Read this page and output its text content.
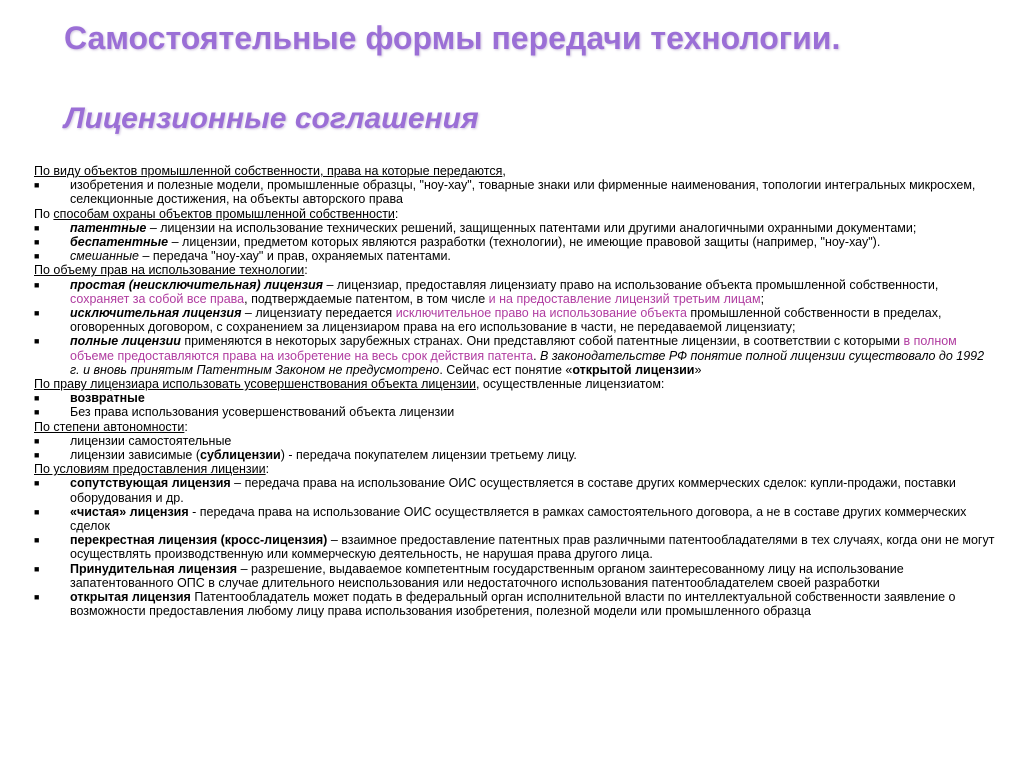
Самостоятельные формы передачи технологии.
Лицензионные соглашения

По виду объектов промышленной собственности, права на которые передаются,

■	изобретения и полезные модели, промышленные образцы, "ноу-хау", товарные знаки или фирменные наименования, топологии интегральных микросхем, селекционные достижения, на объекты авторского права

По способам охраны объектов промышленной собственности:

■	патентные – лицензии на использование технических решений, защищенных патентами или другими аналогичными охранными документами;
■	беспатентные – лицензии, предметом которых являются разработки (технологии), не имеющие правовой защиты (например, "ноу-хау").
■	смешанные – передача "ноу-хау" и прав, охраняемых патентами.

По объему прав на использование технологии:

■	простая (неисключительная) лицензия – лицензиар, предоставляя лицензиату право на использование объекта промышленной собственности, сохраняет за собой все права, подтверждаемые патентом, в том числе и на предоставление лицензий третьим лицам;
■	исключительная лицензия – лицензиату передается исключительное право на использование объекта промышленной собственности в пределах, оговоренных договором, с сохранением за лицензиаром права на его использование в части, не передаваемой лицензиату;
■	полные лицензии применяются в некоторых зарубежных странах. Они представляют собой патентные лицензии, в соответствии с которыми в полном объеме предоставляются права на изобретение на весь срок действия патента. В законодательстве РФ понятие полной лицензии существовало до 1992 г. и вновь принятым Патентным Законом не предусмотрено. Сейчас ест понятие «открытой лицензии»

По праву лицензиара использовать усовершенствования объекта лицензии, осуществленные лицензиатом:

■	возвратные
■	Без права использования усовершенствований объекта лицензии

По степени автономности:

■	лицензии самостоятельные
■	лицензии зависимые (сублицензии) - передача покупателем лицензии третьему лицу.

По условиям предоставления лицензии:

■	сопутствующая лицензия – передача права на использование ОИС осуществляется в составе других коммерческих сделок: купли-продажи, поставки оборудования и др.
■	«чистая» лицензия - передача права на использование ОИС осуществляется в рамках самостоятельного договора, а не в составе других коммерческих сделок
■	перекрестная лицензия (кросс-лицензия) – взаимное предоставление патентных прав различными патентообладателями в тех случаях, когда они не могут осуществлять производственную или коммерческую деятельность, не нарушая права другого лица.
■	Принудительная лицензия – разрешение, выдаваемое компетентным государственным органом заинтересованному лицу на использование запатентованного ОПС в случае длительного неиспользования или недостаточного использования патентообладателем своей разработки
■	открытая лицензия Патентообладатель может подать в федеральный орган исполнительной власти по интеллектуальной собственности заявление о возможности предоставления любому лицу права использования изобретения, полезной модели или промышленного образца
